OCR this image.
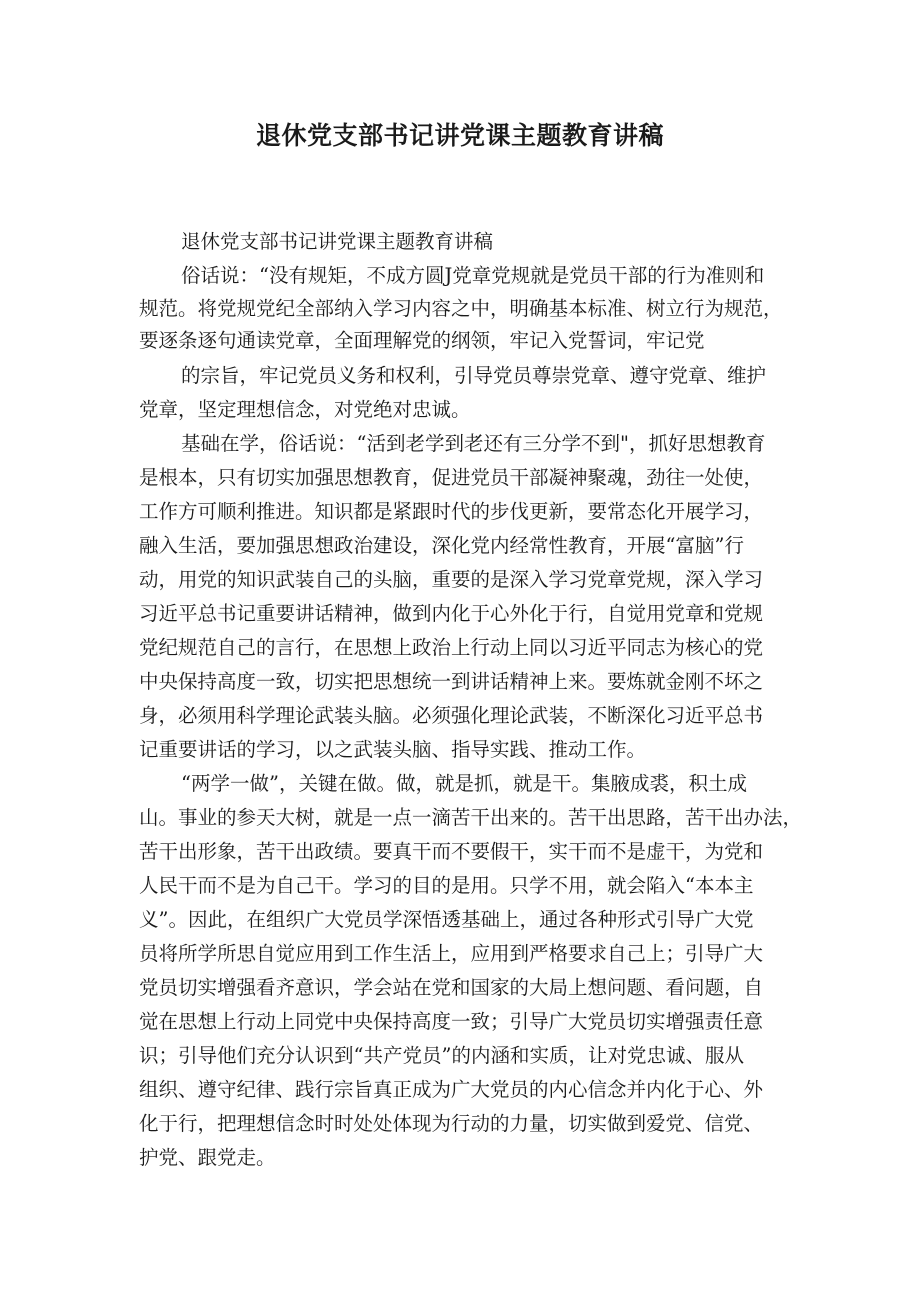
退休党支部书记讲党课主题教育讲稿

退休党支部书记讲党课主题教育讲稿

俗话说：“没有规矩，不成方圆J党章党规就是党员干部的行为准则和

规范。将党规党纪全部纳入学习内容之中，明确基本标准、树立行为规范，

要逐条逐句通读党章，全面理解党的纲领，牢记入党誓词，牢记党

的宗旨，牢记党员义务和权利，引导党员尊崇党章、遵守党章、维护

党章，坚定理想信念，对党绝对忠诚。

基础在学，俗话说：“活到老学到老还有三分学不到"，抓好思想教育

是根本，只有切实加强思想教育，促进党员干部凝神聚魂，劲往一处使，

工作方可顺利推进。知识都是紧跟时代的步伐更新，要常态化开展学习，

融入生活，要加强思想政治建设，深化党内经常性教育，开展“富脑”行

动，用党的知识武装自己的头脑，重要的是深入学习党章党规，深入学习

习近平总书记重要讲话精神，做到内化于心外化于行，自觉用党章和党规

党纪规范自己的言行，在思想上政治上行动上同以习近平同志为核心的党

中央保持高度一致，切实把思想统一到讲话精神上来。要炼就金刚不坏之

身，必须用科学理论武装头脑。必须强化理论武装，不断深化习近平总书

记重要讲话的学习，以之武装头脑、指导实践、推动工作。

“两学一做”，关键在做。做，就是抓，就是干。集腋成裘，积土成

山。事业的参天大树，就是一点一滴苦干出来的。苦干出思路，苦干出办法，

苦干出形象，苦干出政绩。要真干而不要假干，实干而不是虚干，为党和

人民干而不是为自己干。学习的目的是用。只学不用，就会陷入“本本主

义”。因此，在组织广大党员学深悟透基础上，通过各种形式引导广大党

员将所学所思自觉应用到工作生活上，应用到严格要求自己上；引导广大

党员切实增强看齐意识，学会站在党和国家的大局上想问题、看问题，自

觉在思想上行动上同党中央保持高度一致；引导广大党员切实增强责任意

识；引导他们充分认识到“共产党员”的内涵和实质，让对党忠诚、服从

组织、遵守纪律、践行宗旨真正成为广大党员的内心信念并内化于心、外

化于行，把理想信念时时处处体现为行动的力量，切实做到爱党、信党、

护党、跟党走。
